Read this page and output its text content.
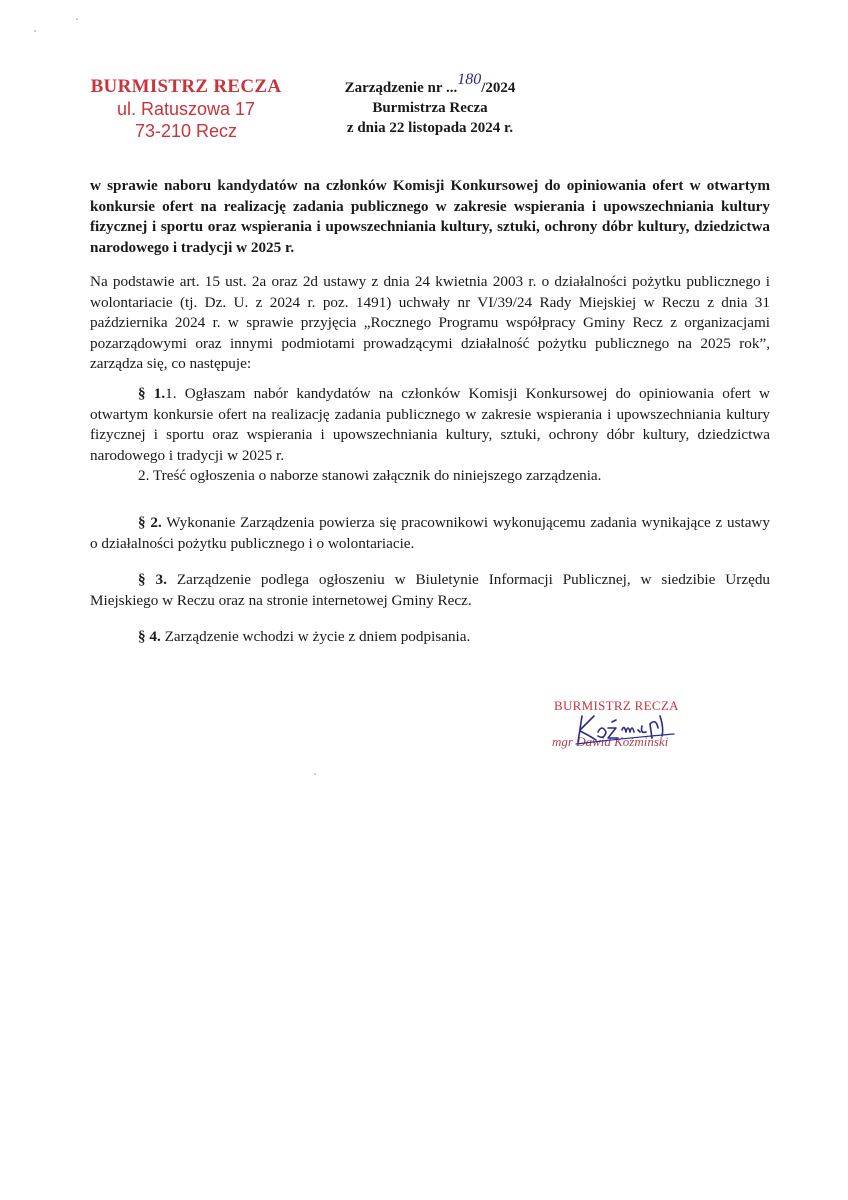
BURMISTRZ RECZA
ul. Ratuszowa 17
73-210 Recz
Zarządzenie nr ...180/2024
Burmistrza Recza
z dnia 22 listopada 2024 r.
w sprawie naboru kandydatów na członków Komisji Konkursowej do opiniowania ofert w otwartym konkursie ofert na realizację zadania publicznego w zakresie wspierania i upowszechniania kultury fizycznej i sportu oraz wspierania i upowszechniania kultury, sztuki, ochrony dóbr kultury, dziedzictwa narodowego i tradycji w 2025 r.
Na podstawie art. 15 ust. 2a oraz 2d ustawy z dnia 24 kwietnia 2003 r. o działalności pożytku publicznego i wolontariacie (tj. Dz. U. z 2024 r. poz. 1491) uchwały nr VI/39/24 Rady Miejskiej w Reczu z dnia 31 października 2024 r. w sprawie przyjęcia „Rocznego Programu współpracy Gminy Recz z organizacjami pozarządowymi oraz innymi podmiotami prowadzącymi działalność pożytku publicznego na 2025 rok”, zarządza się, co następuje:

§ 1.1. Ogłaszam nabór kandydatów na członków Komisji Konkursowej do opiniowania ofert w otwartym konkursie ofert na realizację zadania publicznego w zakresie wspierania i upowszechniania kultury fizycznej i sportu oraz wspierania i upowszechniania kultury, sztuki, ochrony dóbr kultury, dziedzictwa narodowego i tradycji w 2025 r.

2. Treść ogłoszenia o naborze stanowi załącznik do niniejszego zarządzenia.

§ 2. Wykonanie Zarządzenia powierza się pracownikowi wykonującemu zadania wynikające z ustawy o działalności pożytku publicznego i o wolontariacie.

§ 3. Zarządzenie podlega ogłoszeniu w Biuletynie Informacji Publicznej, w siedzibie Urzędu Miejskiego w Reczu oraz na stronie internetowej Gminy Recz.

§ 4. Zarządzenie wchodzi w życie z dniem podpisania.

BURMISTRZ RECZA
mgr Dawid Koźmiński
